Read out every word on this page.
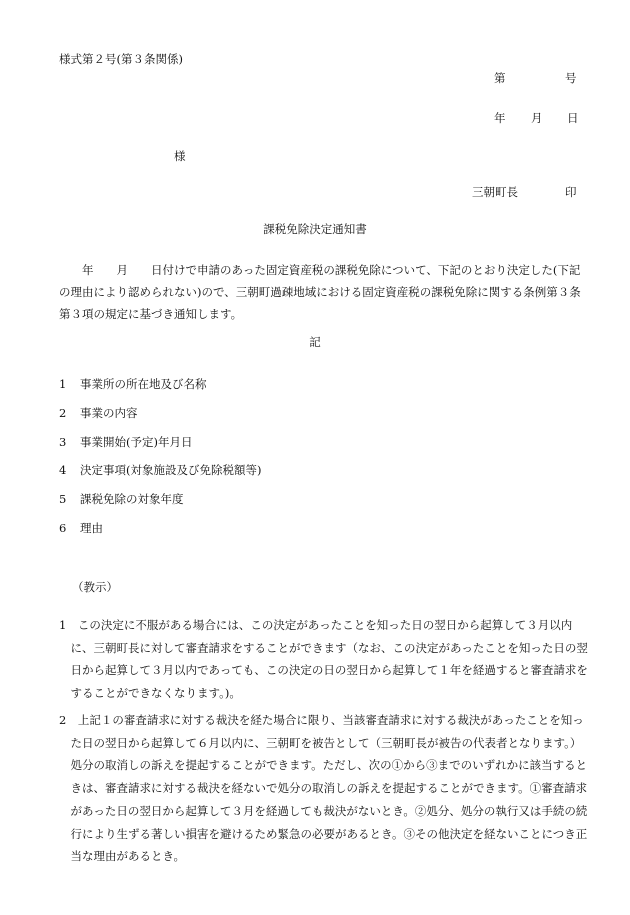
様式第２号(第３条関係)
第	号
年 月 日
様
三朝町長	印
課税免除決定通知書
年　　月　　日付けで申請のあった固定資産税の課税免除について、下記のとおり決定した(下記の理由により認められない)ので、三朝町過疎地域における固定資産税の課税免除に関する条例第３条第３項の規定に基づき通知します。
記
1 事業所の所在地及び名称
2 事業の内容
3 事業開始(予定)年月日
4 決定事項(対象施設及び免除税額等)
5 課税免除の対象年度
6 理由
（教示）
1　この決定に不服がある場合には、この決定があったことを知った日の翌日から起算して３月以内に、三朝町長に対して審査請求をすることができます（なお、この決定があったことを知った日の翌日から起算して３月以内であっても、この決定の日の翌日から起算して１年を経過すると審査請求をすることができなくなります。)。
2　上記１の審査請求に対する裁決を経た場合に限り、当該審査請求に対する裁決があったことを知った日の翌日から起算して６月以内に、三朝町を被告として（三朝町長が被告の代表者となります。）処分の取消しの訴えを提起することができます。ただし、次の①から③までのいずれかに該当するときは、審査請求に対する裁決を経ないで処分の取消しの訴えを提起することができます。①審査請求があった日の翌日から起算して３月を経過しても裁決がないとき。②処分、処分の執行又は手続の続行により生ずる著しい損害を避けるため緊急の必要があるとき。③その他決定を経ないことにつき正当な理由があるとき。
